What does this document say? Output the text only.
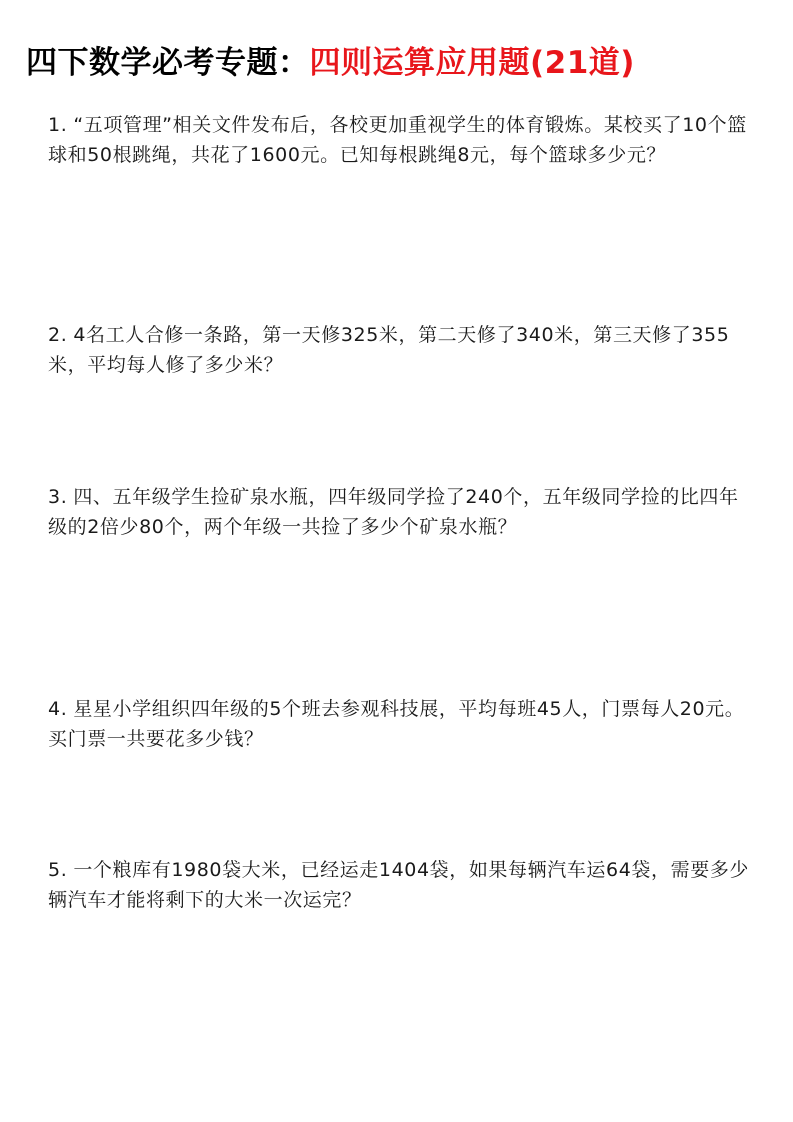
四下数学必考专题：四则运算应用题(21道)

1. “五项管理”相关文件发布后，各校更加重视学生的体育锻炼。某校买了10个篮球和50根跳绳，共花了1600元。已知每根跳绳8元，每个篮球多少元？

2. 4名工人合修一条路，第一天修325米，第二天修了340米，第三天修了355米，平均每人修了多少米？

3. 四、五年级学生捡矿泉水瓶，四年级同学捡了240个，五年级同学捡的比四年级的2倍少80个，两个年级一共捡了多少个矿泉水瓶？

4. 星星小学组织四年级的5个班去参观科技展，平均每班45人，门票每人20元。买门票一共要花多少钱？

5. 一个粮库有1980袋大米，已经运走1404袋，如果每辆汽车运64袋，需要多少辆汽车才能将剩下的大米一次运完？
